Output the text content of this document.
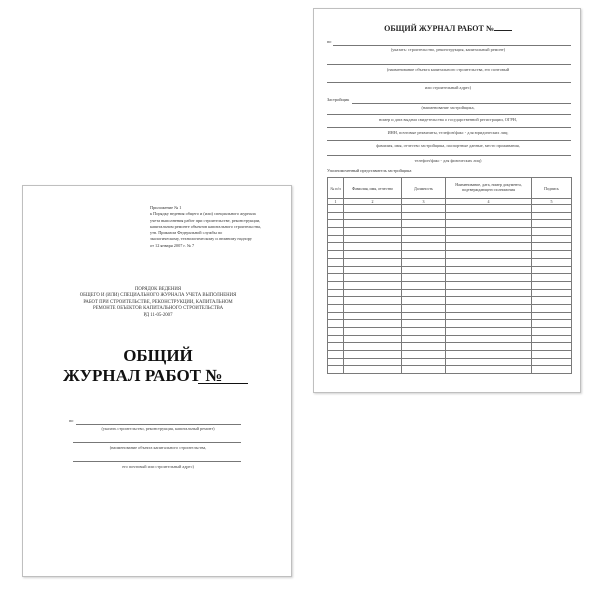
Приложение № 1
к Порядку ведения общего и (или) специального журнала
учета выполнения работ при строительстве, реконструкции,
капитальном ремонте объектов капитального строительства,
утв. Приказом Федеральной службы по
экологическому, технологическому и атомному надзору
от 12 января 2007 г. № 7
ПОРЯДОК ВЕДЕНИЯ
ОБЩЕГО И (ИЛИ) СПЕЦИАЛЬНОГО ЖУРНАЛА УЧЕТА ВЫПОЛНЕНИЯ
РАБОТ ПРИ СТРОИТЕЛЬСТВЕ, РЕКОНСТРУКЦИИ, КАПИТАЛЬНОМ
РЕМОНТЕ ОБЪЕКТОВ КАПИТАЛЬНОГО СТРОИТЕЛЬСТВА
РД 11-05-2007
ОБЩИЙ
ЖУРНАЛ РАБОТ №
по
(указать строительство, реконструкция, капитальный ремонт)
(наименование объекта капитального строительства,
его почтовый или строительный адрес)
ОБЩИЙ ЖУРНАЛ РАБОТ №
по
(указать: строительство, реконструкция, капитальный ремонт)
(наименование объекта капитального строительства, его почтовый
или строительный адрес)
Застройщик
(наименование застройщика,
номер и дата выдачи свидетельства о государственной регистрации, ОГРН,
ИНН, почтовые реквизиты, телефон/факс - для юридических лиц;
фамилия, имя, отчество застройщика, паспортные данные, место проживания,
телефон/факс - для физических лиц)
Уполномоченный представитель застройщика
№ п/п	Фамилия, имя, отчество	Должность	Наименование, дата, номер документа, подтверждающего полномочия	Подпись
1	2	3	4	5
